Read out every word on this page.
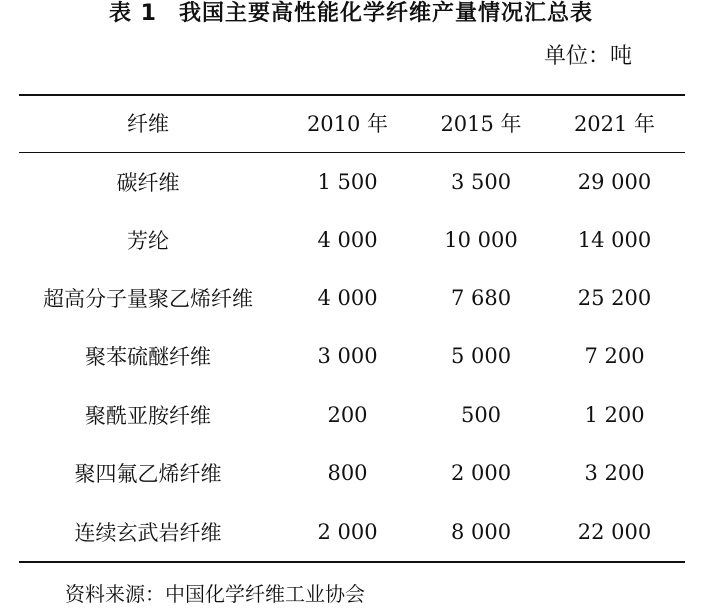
表 1 我国主要高性能化学纤维产量情况汇总表
单位：吨
纤维	2010 年	2015 年	2021 年
碳纤维	1 500	3 500	29 000
芳纶	4 000	10 000	14 000
超高分子量聚乙烯纤维	4 000	7 680	25 200
聚苯硫醚纤维	3 000	5 000	7 200
聚酰亚胺纤维	200	500	1 200
聚四氟乙烯纤维	800	2 000	3 200
连续玄武岩纤维	2 000	8 000	22 000
资料来源：中国化学纤维工业协会
